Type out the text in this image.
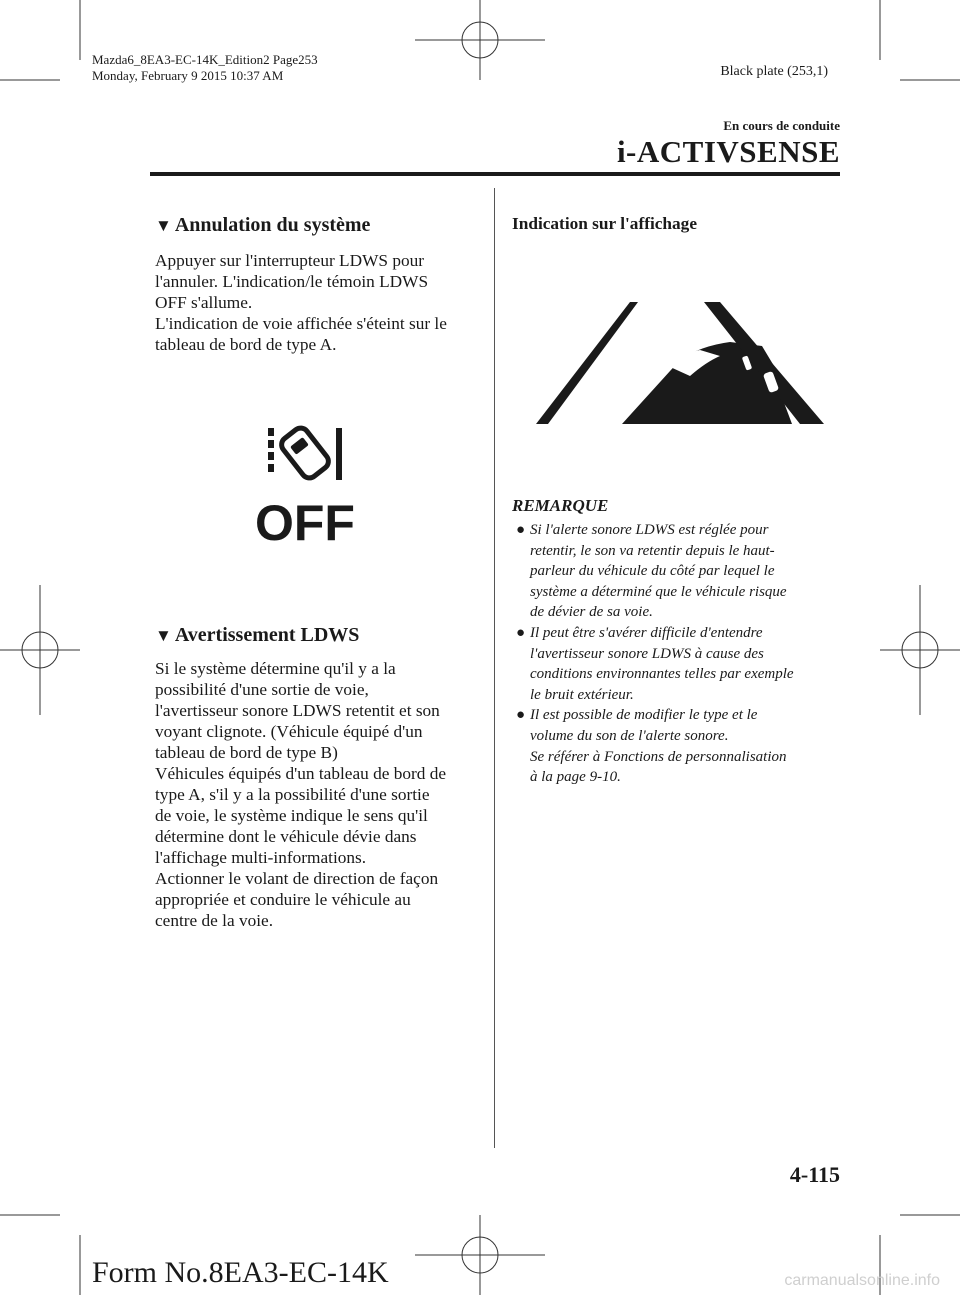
Mazda6_8EA3-EC-14K_Edition2 Page253
Monday, February 9 2015 10:37 AM	Black plate (253,1)
En cours de conduite
i-ACTIVSENSE
▼ Annulation du système
Appuyer sur l'interrupteur LDWS pour
l'annuler. L'indication/le témoin LDWS
OFF s'allume.
L'indication de voie affichée s'éteint sur le
tableau de bord de type A.
OFF
▼ Avertissement LDWS
Si le système détermine qu'il y a la
possibilité d'une sortie de voie,
l'avertisseur sonore LDWS retentit et son
voyant clignote. (Véhicule équipé d'un
tableau de bord de type B)
Véhicules équipés d'un tableau de bord de
type A, s'il y a la possibilité d'une sortie
de voie, le système indique le sens qu'il
détermine dont le véhicule dévie dans
l'affichage multi-informations.
Actionner le volant de direction de façon
appropriée et conduire le véhicule au
centre de la voie.
Indication sur l'affichage
REMARQUE
● Si l'alerte sonore LDWS est réglée pour
retentir, le son va retentir depuis le haut-
parleur du véhicule du côté par lequel le
système a déterminé que le véhicule risque
de dévier de sa voie.
● Il peut être s'avérer difficile d'entendre
l'avertisseur sonore LDWS à cause des
conditions environnantes telles par exemple
le bruit extérieur.
● Il est possible de modifier le type et le
volume du son de l'alerte sonore.
Se référer à Fonctions de personnalisation
à la page 9-10.
4-115
Form No.8EA3-EC-14K	carmanualsonline.info
